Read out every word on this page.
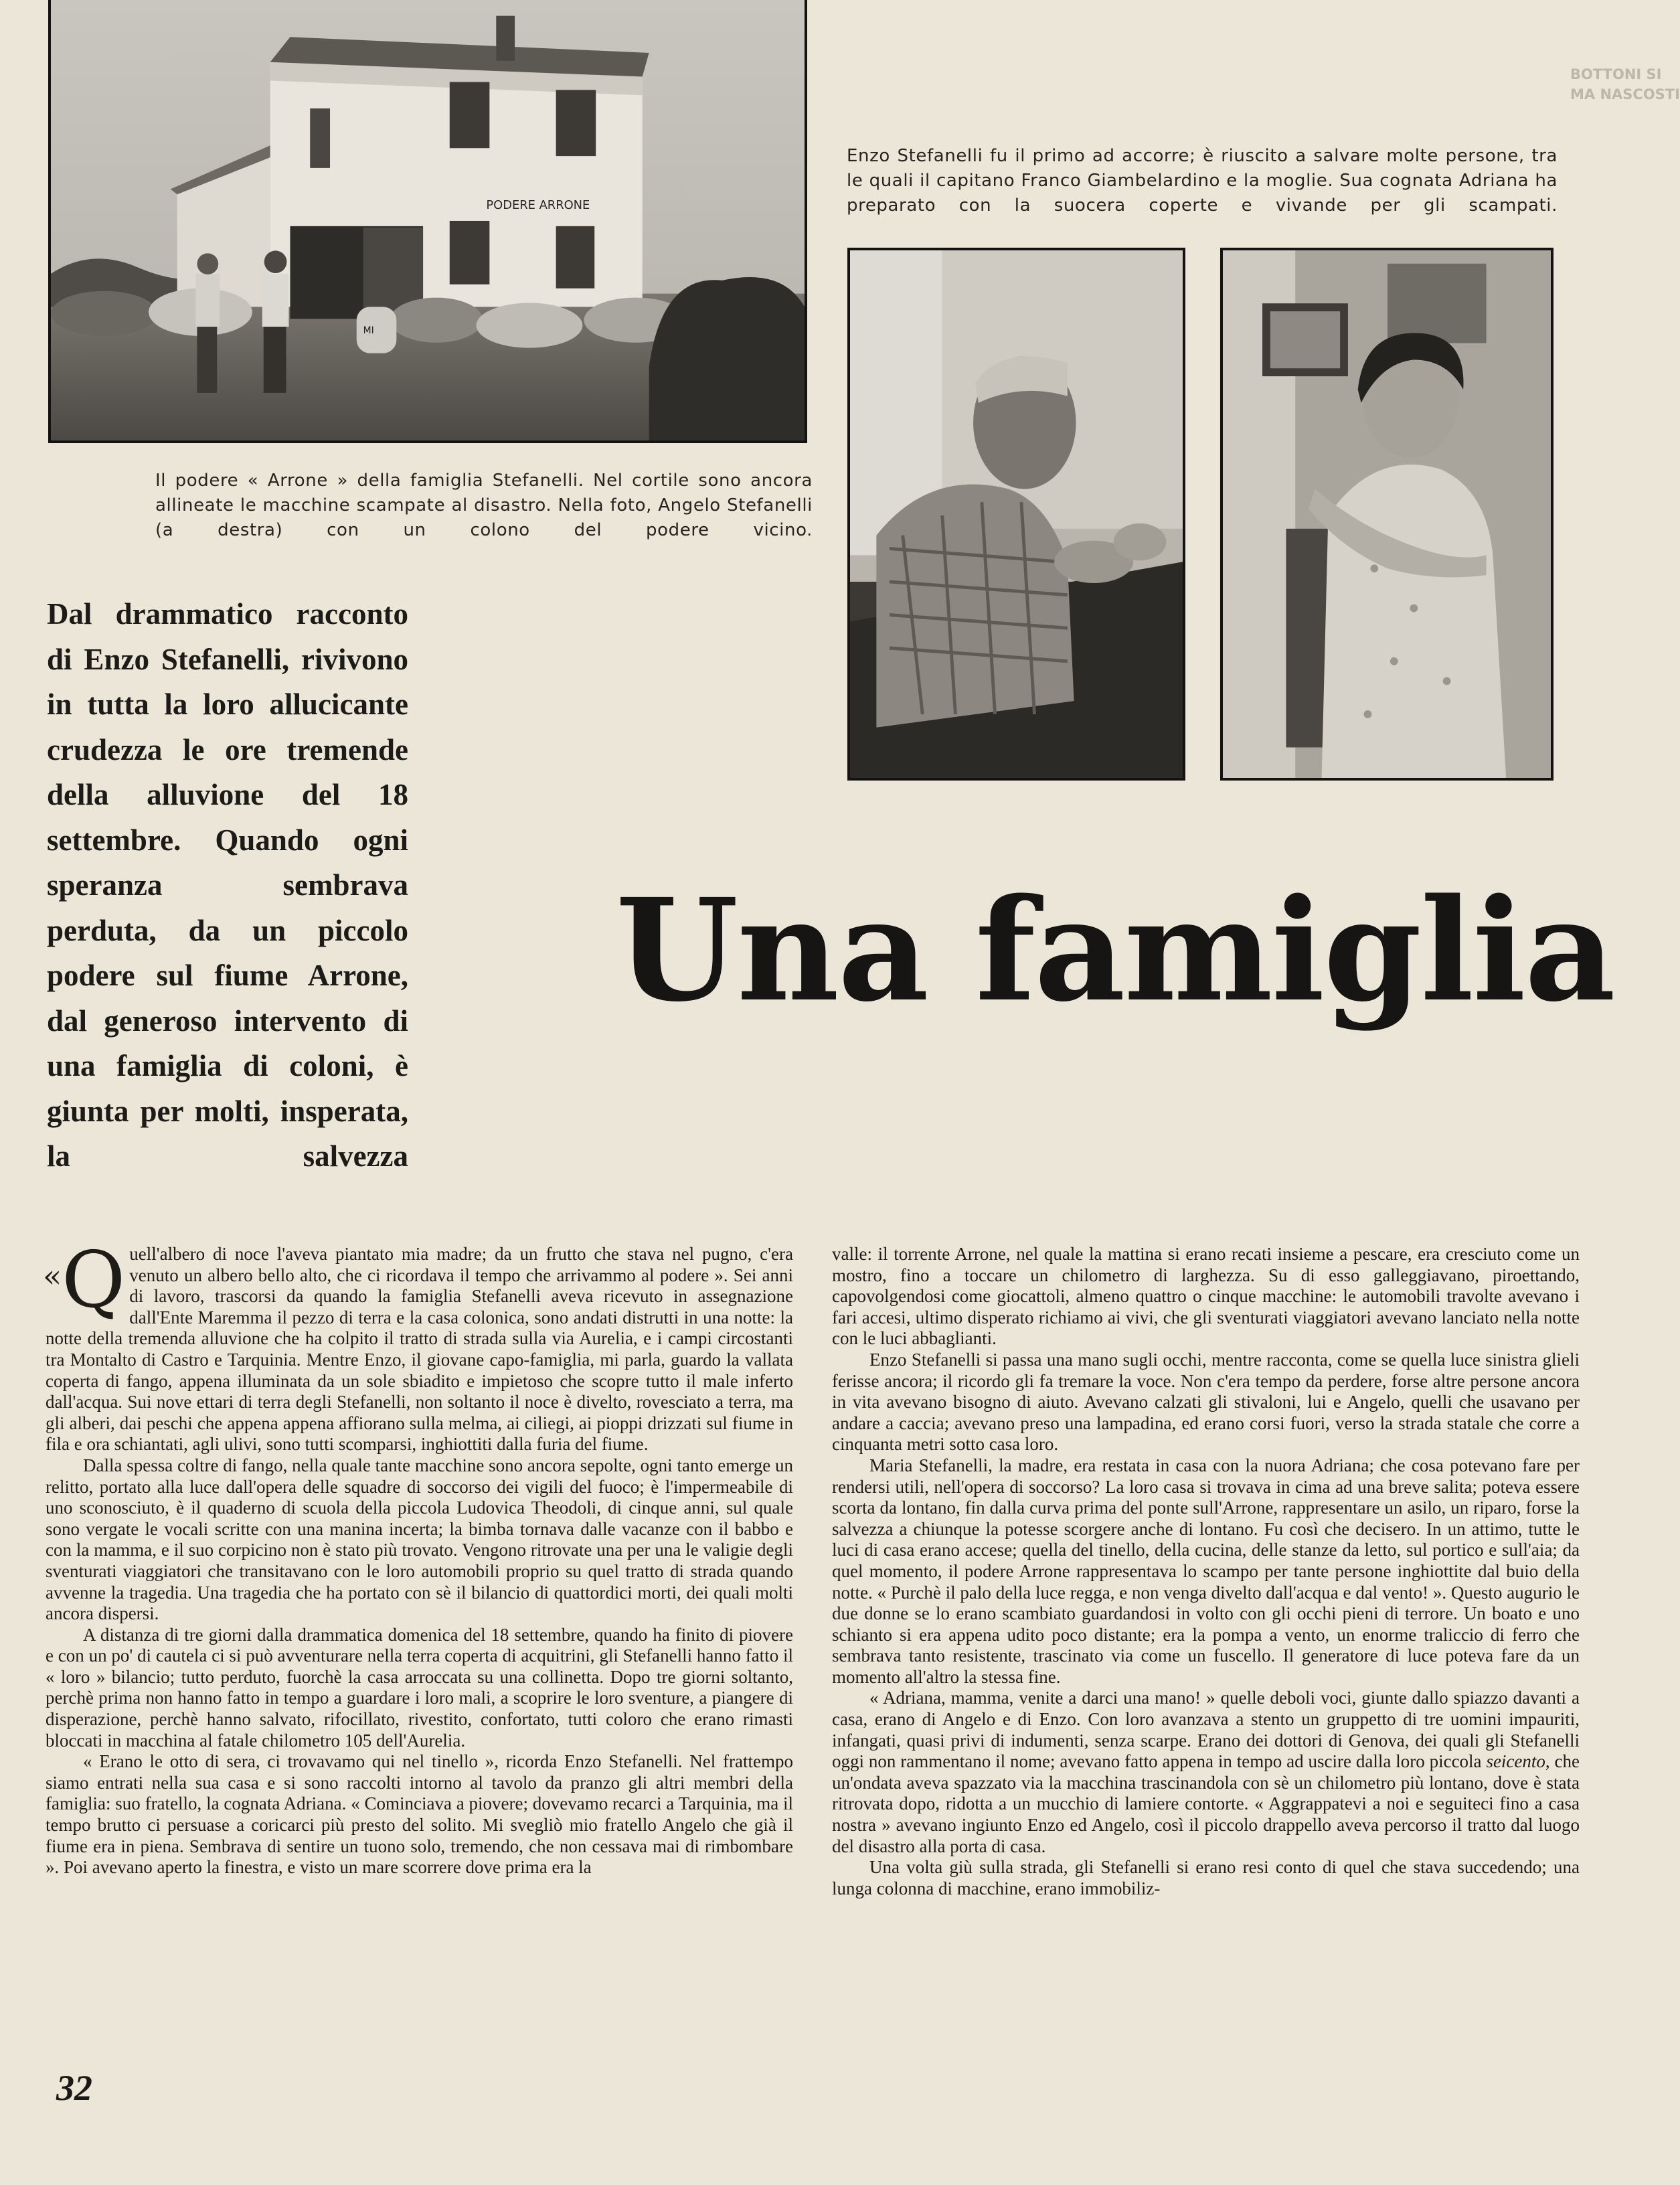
BOTTONI SI
MA NASCOSTI
PODERE ARRONE
MI

Il podere « Arrone » della famiglia Stefanelli. Nel cortile sono ancora allineate le macchine scampate al disastro. Nella foto, Angelo Stefanelli (a destra) con un colono del podere vicino.

Enzo Stefanelli fu il primo ad accorre; è riuscito a salvare molte persone, tra le quali il capitano Franco Giambelardino e la moglie. Sua cognata Adriana ha preparato con la suocera coperte e vivande per gli scampati.

Dal drammatico racconto di Enzo Stefanelli, rivivono in tutta la loro allucicante crudezza le ore tremende della alluvione del 18 settembre. Quando ogni speranza sembrava perduta, da un piccolo podere sul fiume Arrone, dal generoso intervento di una famiglia di coloni, è giunta per molti, insperata, la salvezza

Una famiglia

«Q uell'albero di noce l'aveva piantato mia madre; da un frutto che stava nel pugno, c'era venuto un albero bello alto, che ci ricordava il tempo che arrivammo al podere ». Sei anni di lavoro, trascorsi da quando la famiglia Stefanelli aveva ricevuto in assegnazione dall'Ente Maremma il pezzo di terra e la casa colonica, sono andati distrutti in una notte: la notte della tremenda alluvione che ha colpito il tratto di strada sulla via Aurelia, e i campi circostanti tra Montalto di Castro e Tarquinia. Mentre Enzo, il giovane capo-famiglia, mi parla, guardo la vallata coperta di fango, appena illuminata da un sole sbiadito e impietoso che scopre tutto il male inferto dall'acqua. Sui nove ettari di terra degli Stefanelli, non soltanto il noce è divelto, rovesciato a terra, ma gli alberi, dai peschi che appena appena affiorano sulla melma, ai ciliegi, ai pioppi drizzati sul fiume in fila e ora schiantati, agli ulivi, sono tutti scomparsi, inghiottiti dalla furia del fiume.

Dalla spessa coltre di fango, nella quale tante macchine sono ancora sepolte, ogni tanto emerge un relitto, portato alla luce dall'opera delle squadre di soccorso dei vigili del fuoco; è l'impermeabile di uno sconosciuto, è il quaderno di scuola della piccola Ludovica Theodoli, di cinque anni, sul quale sono vergate le vocali scritte con una manina incerta; la bimba tornava dalle vacanze con il babbo e con la mamma, e il suo corpicino non è stato più trovato. Vengono ritrovate una per una le valigie degli sventurati viaggiatori che transitavano con le loro automobili proprio su quel tratto di strada quando avvenne la tragedia. Una tragedia che ha portato con sè il bilancio di quattordici morti, dei quali molti ancora dispersi.

A distanza di tre giorni dalla drammatica domenica del 18 settembre, quando ha finito di piovere e con un po' di cautela ci si può avventurare nella terra coperta di acquitrini, gli Stefanelli hanno fatto il « loro » bilancio; tutto perduto, fuorchè la casa arroccata su una collinetta. Dopo tre giorni soltanto, perchè prima non hanno fatto in tempo a guardare i loro mali, a scoprire le loro sventure, a piangere di disperazione, perchè hanno salvato, rifocillato, rivestito, confortato, tutti coloro che erano rimasti bloccati in macchina al fatale chilometro 105 dell'Aurelia.

« Erano le otto di sera, ci trovavamo qui nel tinello », ricorda Enzo Stefanelli. Nel frattempo siamo entrati nella sua casa e si sono raccolti intorno al tavolo da pranzo gli altri membri della famiglia: suo fratello, la cognata Adriana. « Cominciava a piovere; dovevamo recarci a Tarquinia, ma il tempo brutto ci persuase a coricarci più presto del solito. Mi svegliò mio fratello Angelo che già il fiume era in piena. Sembrava di sentire un tuono solo, tremendo, che non cessava mai di rimbombare ». Poi avevano aperto la finestra, e visto un mare scorrere dove prima era la

valle: il torrente Arrone, nel quale la mattina si erano recati insieme a pescare, era cresciuto come un mostro, fino a toccare un chilometro di larghezza. Su di esso galleggiavano, piroettando, capovolgendosi come giocattoli, almeno quattro o cinque macchine: le automobili travolte avevano i fari accesi, ultimo disperato richiamo ai vivi, che gli sventurati viaggiatori avevano lanciato nella notte con le luci abbaglianti.

Enzo Stefanelli si passa una mano sugli occhi, mentre racconta, come se quella luce sinistra glieli ferisse ancora; il ricordo gli fa tremare la voce. Non c'era tempo da perdere, forse altre persone ancora in vita avevano bisogno di aiuto. Avevano calzati gli stivaloni, lui e Angelo, quelli che usavano per andare a caccia; avevano preso una lampadina, ed erano corsi fuori, verso la strada statale che corre a cinquanta metri sotto casa loro.

Maria Stefanelli, la madre, era restata in casa con la nuora Adriana; che cosa potevano fare per rendersi utili, nell'opera di soccorso? La loro casa si trovava in cima ad una breve salita; poteva essere scorta da lontano, fin dalla curva prima del ponte sull'Arrone, rappresentare un asilo, un riparo, forse la salvezza a chiunque la potesse scorgere anche di lontano. Fu così che decisero. In un attimo, tutte le luci di casa erano accese; quella del tinello, della cucina, delle stanze da letto, sul portico e sull'aia; da quel momento, il podere Arrone rappresentava lo scampo per tante persone inghiottite dal buio della notte. « Purchè il palo della luce regga, e non venga divelto dall'acqua e dal vento! ». Questo augurio le due donne se lo erano scambiato guardandosi in volto con gli occhi pieni di terrore. Un boato e uno schianto si era appena udito poco distante; era la pompa a vento, un enorme traliccio di ferro che sembrava tanto resistente, trascinato via come un fuscello. Il generatore di luce poteva fare da un momento all'altro la stessa fine.

« Adriana, mamma, venite a darci una mano! » quelle deboli voci, giunte dallo spiazzo davanti a casa, erano di Angelo e di Enzo. Con loro avanzava a stento un gruppetto di tre uomini impauriti, infangati, quasi privi di indumenti, senza scarpe. Erano dei dottori di Genova, dei quali gli Stefanelli oggi non rammentano il nome; avevano fatto appena in tempo ad uscire dalla loro piccola seicento, che un'ondata aveva spazzato via la macchina trascinandola con sè un chilometro più lontano, dove è stata ritrovata dopo, ridotta a un mucchio di lamiere contorte. « Aggrappatevi a noi e seguiteci fino a casa nostra » avevano ingiunto Enzo ed Angelo, così il piccolo drappello aveva percorso il tratto dal luogo del disastro alla porta di casa.

Una volta giù sulla strada, gli Stefanelli si erano resi conto di quel che stava succedendo; una lunga colonna di macchine, erano immobiliz-

32
